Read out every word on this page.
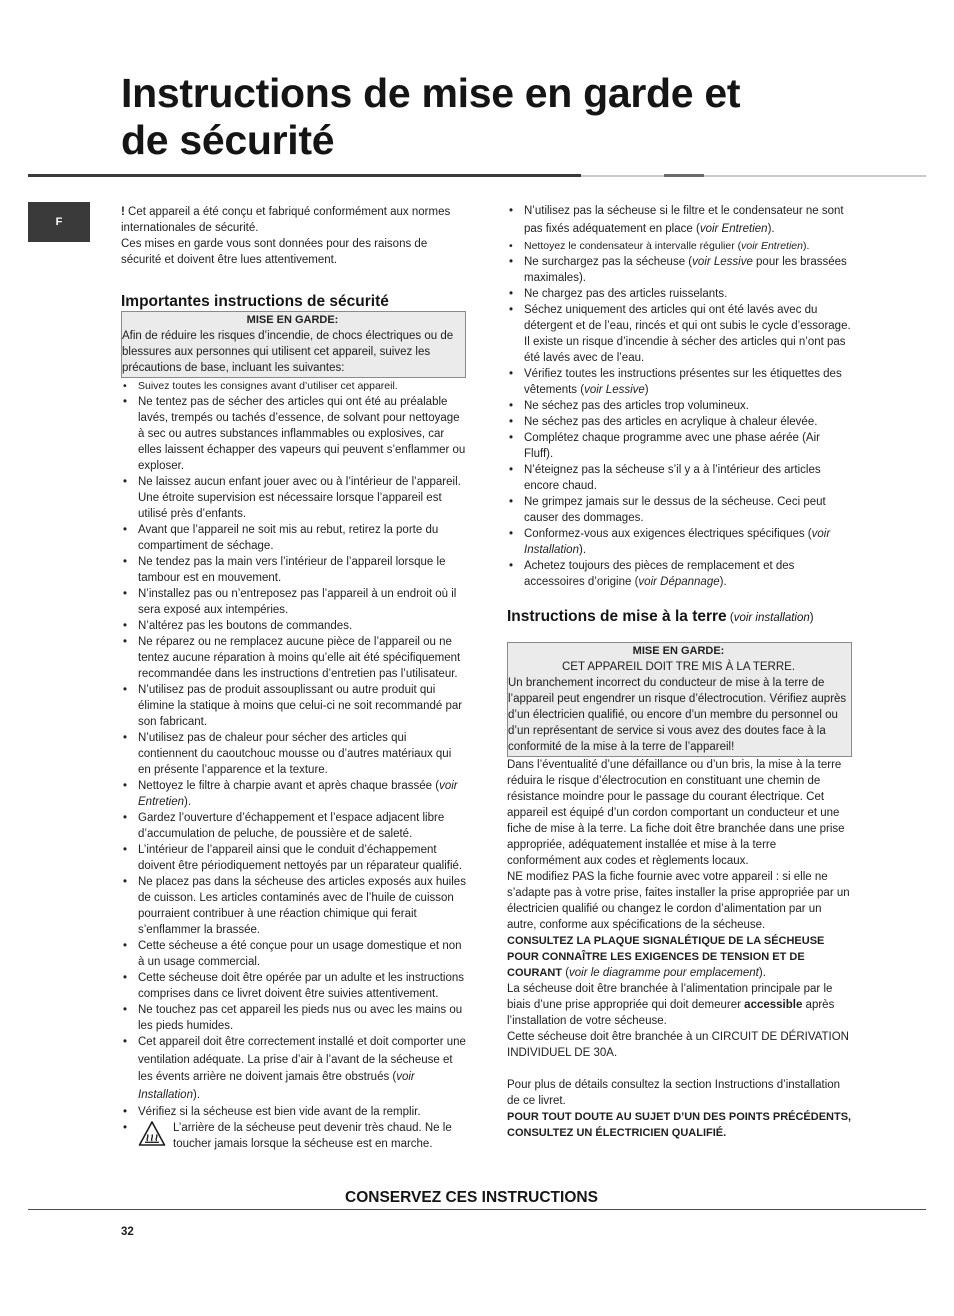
Instructions de mise en garde et
de sécurité
F

! Cet appareil a été conçu et fabriqué conformément aux normes internationales de sécurité.

Ces mises en garde vous sont données pour des raisons de sécurité et doivent être lues attentivement.

Importantes instructions de sécurité
MISE EN GARDE:
Afin de réduire les risques d’incendie, de chocs électriques ou de blessures aux personnes qui utilisent cet appareil, suivez les précautions de base, incluant les suivantes:
• Suivez toutes les consignes avant d’utiliser cet appareil.
• Ne tentez pas de sécher des articles qui ont été au préalable lavés, trempés ou tachés d’essence, de solvant pour nettoyage à sec ou autres substances inflammables ou explosives, car elles laissent échapper des vapeurs qui peuvent s’enflammer ou exploser.
• Ne laissez aucun enfant jouer avec ou à l’intérieur de l’appareil. Une étroite supervision est nécessaire lorsque l’appareil est utilisé près d’enfants.
• Avant que l’appareil ne soit mis au rebut, retirez la porte du compartiment de séchage.
• Ne tendez pas la main vers l’intérieur de l’appareil lorsque le tambour est en mouvement.
• N’installez pas ou n’entreposez pas l’appareil à un endroit où il sera exposé aux intempéries.
• N’altérez pas les boutons de commandes.
• Ne réparez ou ne remplacez aucune pièce de l’appareil ou ne tentez aucune réparation à moins qu’elle ait été spécifiquement recommandée dans les instructions d’entretien pas l’utilisateur.
• N’utilisez pas de produit assouplissant ou autre produit qui élimine la statique à moins que celui-ci ne soit recommandé par son fabricant.
• N’utilisez pas de chaleur pour sécher des articles qui contiennent du caoutchouc mousse ou d’autres matériaux qui en présente l’apparence et la texture.
• Nettoyez le filtre à charpie avant et après chaque brassée (voir Entretien).
• Gardez l’ouverture d’échappement et l’espace adjacent libre d’accumulation de peluche, de poussière et de saleté.
• L’intérieur de l’appareil ainsi que le conduit d’échappement doivent être périodiquement nettoyés par un réparateur qualifié.
• Ne placez pas dans la sécheuse des articles exposés aux huiles de cuisson. Les articles contaminés avec de l’huile de cuisson pourraient contribuer à une réaction chimique qui ferait s’enflammer la brassée.
• Cette sécheuse a été conçue pour un usage domestique et non à un usage commercial.
• Cette sécheuse doit être opérée par un adulte et les instructions comprises dans ce livret doivent être suivies attentivement.
• Ne touchez pas cet appareil les pieds nus ou avec les mains ou les pieds humides.
• Cet appareil doit être correctement installé et doit comporter une ventilation adéquate. La prise d’air à l’avant de la sécheuse et les évents arrière ne doivent jamais être obstrués (voir Installation).
• Vérifiez si la sécheuse est bien vide avant de la remplir.
• L’arrière de la sécheuse peut devenir très chaud. Ne le toucher jamais lorsque la sécheuse est en marche.
• N’utilisez pas la sécheuse si le filtre et le condensateur ne sont pas fixés adéquatement en place (voir Entretien).
• Nettoyez le condensateur à intervalle régulier (voir Entretien).
• Ne surchargez pas la sécheuse (voir Lessive pour les brassées maximales).
• Ne chargez pas des articles ruisselants.
• Séchez uniquement des articles qui ont été lavés avec du détergent et de l’eau, rincés et qui ont subis le cycle d’essorage. Il existe un risque d’incendie à sécher des articles qui n’ont pas été lavés avec de l’eau.
• Vérifiez toutes les instructions présentes sur les étiquettes des vêtements (voir Lessive)
• Ne séchez pas des articles trop volumineux.
• Ne séchez pas des articles en acrylique à chaleur élevée.
• Complétez chaque programme avec une phase aérée (Air Fluff).
• N’éteignez pas la sécheuse s’il y a à l’intérieur des articles encore chaud.
• Ne grimpez jamais sur le dessus de la sécheuse. Ceci peut causer des dommages.
• Conformez-vous aux exigences électriques spécifiques (voir Installation).
• Achetez toujours des pièces de remplacement et des accessoires d’origine (voir Dépannage).
Instructions de mise à la terre (voir installation)
MISE EN GARDE:
CET APPAREIL DOIT TRE MIS À LA TERRE.
Un branchement incorrect du conducteur de mise à la terre de l’appareil peut engendrer un risque d’électrocution. Vérifiez auprès d’un électricien qualifié, ou encore d’un membre du personnel ou d’un représentant de service si vous avez des doutes face à la conformité de la mise à la terre de l’appareil!

Dans l’éventualité d’une défaillance ou d’un bris, la mise à la terre réduira le risque d’électrocution en constituant une chemin de résistance moindre pour le passage du courant électrique. Cet appareil est équipé d’un cordon comportant un conducteur et une fiche de mise à la terre. La fiche doit être branchée dans une prise appropriée, adéquatement installée et mise à la terre conformément aux codes et règlements locaux.

NE modifiez PAS la fiche fournie avec votre appareil : si elle ne s’adapte pas à votre prise, faites installer la prise appropriée par un électricien qualifié ou changez le cordon d’alimentation par un autre, conforme aux spécifications de la sécheuse.

CONSULTEZ LA PLAQUE SIGNALÉTIQUE DE LA SÉCHEUSE POUR CONNAÎTRE LES EXIGENCES DE TENSION ET DE COURANT (voir le diagramme pour emplacement).

La sécheuse doit être branchée à l’alimentation principale par le biais d’une prise appropriée qui doit demeurer accessible après l’installation de votre sécheuse.

Cette sécheuse doit être branchée à un CIRCUIT DE DÉRIVATION INDIVIDUEL DE 30A.

Pour plus de détails consultez la section Instructions d’installation de ce livret.

POUR TOUT DOUTE AU SUJET D’UN DES POINTS PRÉCÉDENTS, CONSULTEZ UN ÉLECTRICIEN QUALIFIÉ.

CONSERVEZ CES INSTRUCTIONS
32
